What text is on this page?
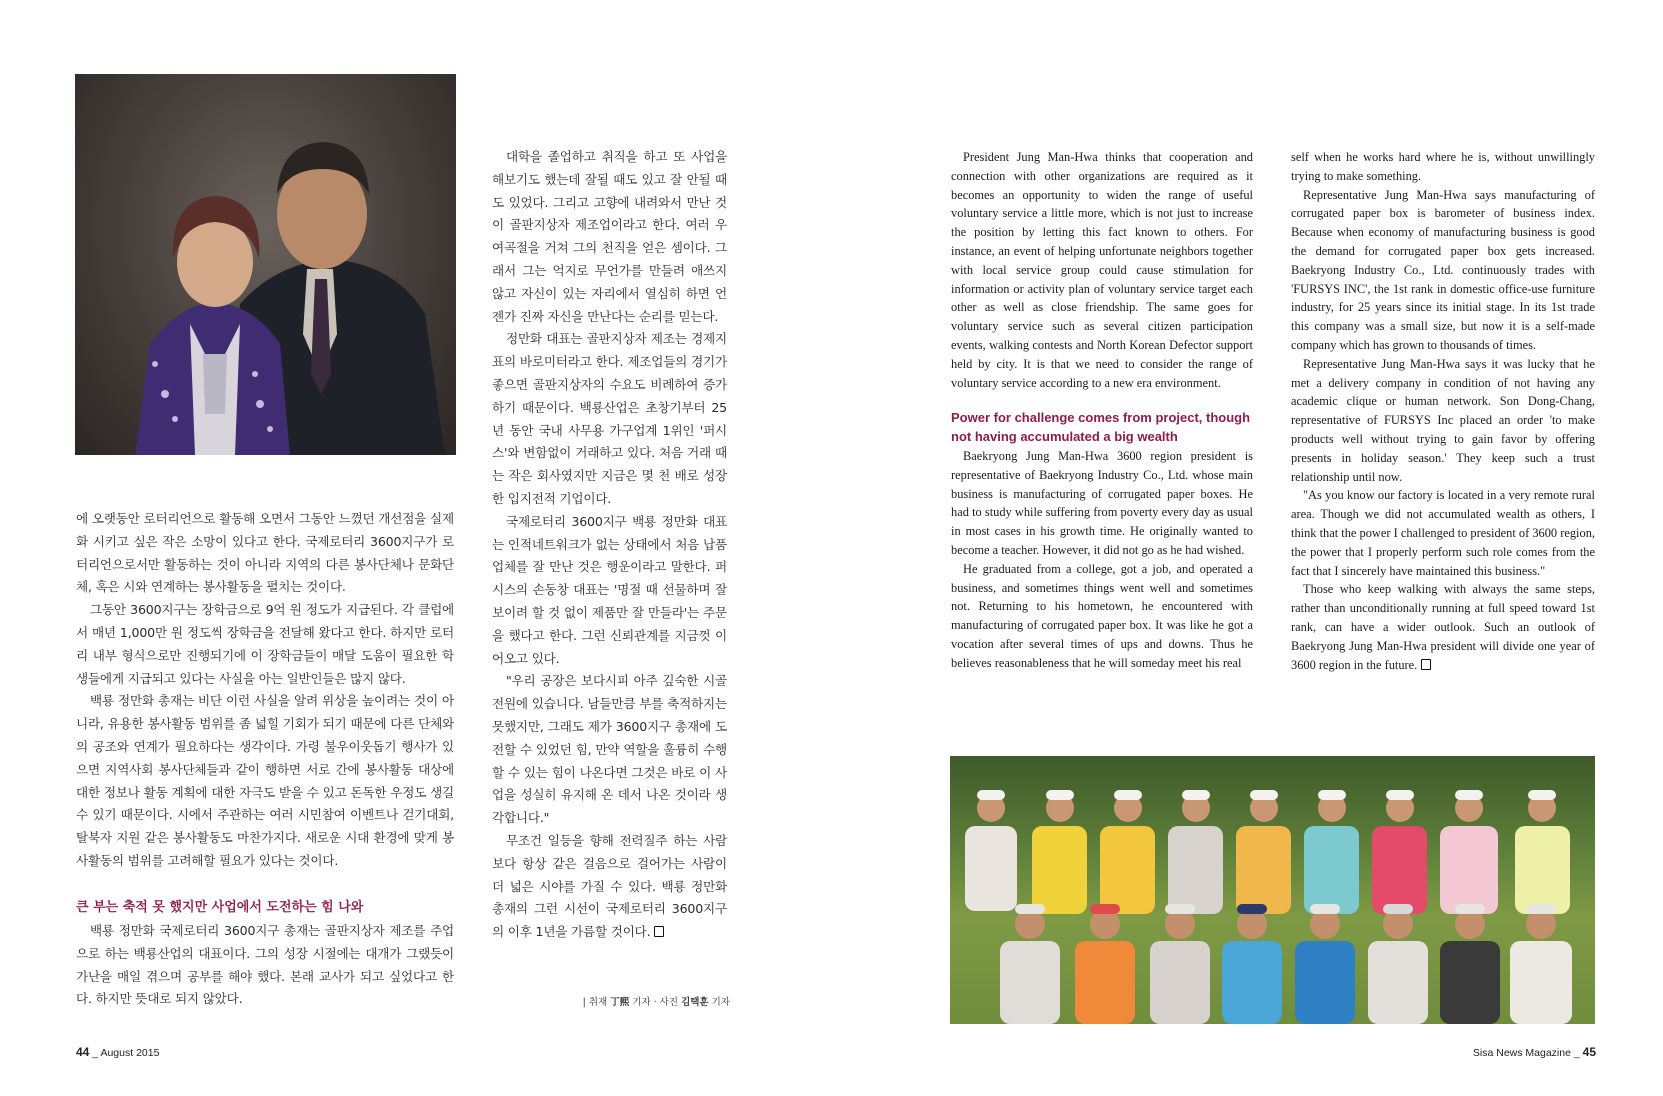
대학을 졸업하고 취직을 하고 또 사업을 해보기도 했는데 잘될 때도 있고 잘 안될 때도 있었다. 그리고 고향에 내려와서 만난 것이 골판지상자 제조업이라고 한다. 여러 우여곡절을 거쳐 그의 천직을 얻은 셈이다. 그래서 그는 억지로 무언가를 만들려 애쓰지 않고 자신이 있는 자리에서 열심히 하면 언젠가 진짜 자신을 만난다는 순리를 믿는다.

정만화 대표는 골판지상자 제조는 경제지표의 바로미터라고 한다. 제조업들의 경기가 좋으면 골판지상자의 수요도 비례하여 증가하기 때문이다. 백룡산업은 초창기부터 25년 동안 국내 사무용 가구업계 1위인 '퍼시스'와 변함없이 거래하고 있다. 처음 거래 때는 작은 회사였지만 지금은 몇 천 배로 성장한 입지전적 기업이다.

국제로터리 3600지구 백룡 정만화 대표는 인적네트워크가 없는 상태에서 처음 납품업체를 잘 만난 것은 행운이라고 말한다. 퍼시스의 손동창 대표는 '명절 때 선물하며 잘 보이려 할 것 없이 제품만 잘 만들라'는 주문을 했다고 한다. 그런 신뢰관계를 지금껏 이어오고 있다.

"우리 공장은 보다시피 아주 깊숙한 시골 전원에 있습니다. 남들만큼 부를 축적하지는 못했지만, 그래도 제가 3600지구 총재에 도전할 수 있었던 힘, 만약 역할을 훌륭히 수행할 수 있는 힘이 나온다면 그것은 바로 이 사업을 성실히 유지해 온 데서 나온 것이라 생각합니다."

무조건 일등을 향해 전력질주 하는 사람보다 항상 같은 걸음으로 걸어가는 사람이 더 넓은 시야를 가질 수 있다. 백룡 정만화 총재의 그런 시선이 국제로터리 3600지구의 이후 1년을 가름할 것이다.

에 오랫동안 로터리언으로 활동해 오면서 그동안 느꼈던 개선점을 실제화 시키고 싶은 작은 소망이 있다고 한다. 국제로터리 3600지구가 로터리언으로서만 활동하는 것이 아니라 지역의 다른 봉사단체나 문화단체, 혹은 시와 연계하는 봉사활동을 펼치는 것이다.

그동안 3600지구는 장학금으로 9억 원 정도가 지급된다. 각 클럽에서 매년 1,000만 원 정도씩 장학금을 전달해 왔다고 한다. 하지만 로터리 내부 형식으로만 진행되기에 이 장학금들이 매달 도움이 필요한 학생들에게 지급되고 있다는 사실을 아는 일반인들은 많지 않다.

백룡 정만화 총재는 비단 이런 사실을 알려 위상을 높이려는 것이 아니라, 유용한 봉사활동 범위를 좀 넓힐 기회가 되기 때문에 다른 단체와의 공조와 연계가 필요하다는 생각이다. 가령 불우이웃돕기 행사가 있으면 지역사회 봉사단체들과 같이 행하면 서로 간에 봉사활동 대상에 대한 정보나 활동 계획에 대한 자극도 받을 수 있고 돈독한 우정도 생길 수 있기 때문이다. 시에서 주관하는 여러 시민참여 이벤트나 걷기대회, 탈북자 지원 같은 봉사활동도 마찬가지다. 새로운 시대 환경에 맞게 봉사활동의 범위를 고려해할 필요가 있다는 것이다.

큰 부는 축적 못 했지만 사업에서 도전하는 힘 나와

백룡 정만화 국제로터리 3600지구 총재는 골판지상자 제조를 주업으로 하는 백룡산업의 대표이다. 그의 성장 시절에는 대개가 그랬듯이 가난을 매일 겪으며 공부를 해야 했다. 본래 교사가 되고 싶었다고 한다. 하지만 뜻대로 되지 않았다.	| 취재 丁熙 기자 · 사진 김택훈 기자
44 _ August 2015

President Jung Man-Hwa thinks that cooperation and connection with other organizations are required as it becomes an opportunity to widen the range of useful voluntary service a little more, which is not just to increase the position by letting this fact known to others. For instance, an event of helping unfortunate neighbors together with local service group could cause stimulation for information or activity plan of voluntary service target each other as well as close friendship. The same goes for voluntary service such as several citizen participation events, walking contests and North Korean Defector support held by city. It is that we need to consider the range of voluntary service according to a new era environment.

Power for challenge comes from project, though not having accumulated a big wealth

Baekryong Jung Man-Hwa 3600 region president is representative of Baekryong Industry Co., Ltd. whose main business is manufacturing of corrugated paper boxes. He had to study while suffering from poverty every day as usual in most cases in his growth time. He originally wanted to become a teacher. However, it did not go as he had wished.

He graduated from a college, got a job, and operated a business, and sometimes things went well and sometimes not. Returning to his hometown, he encountered with manufacturing of corrugated paper box. It was like he got a vocation after several times of ups and downs. Thus he believes reasonableness that he will someday meet his real

self when he works hard where he is, without unwillingly trying to make something.

Representative Jung Man-Hwa says manufacturing of corrugated paper box is barometer of business index. Because when economy of manufacturing business is good the demand for corrugated paper box gets increased. Baekryong Industry Co., Ltd. continuously trades with 'FURSYS INC', the 1st rank in domestic office-use furniture industry, for 25 years since its initial stage. In its 1st trade this company was a small size, but now it is a self-made company which has grown to thousands of times.

Representative Jung Man-Hwa says it was lucky that he met a delivery company in condition of not having any academic clique or human network. Son Dong-Chang, representative of FURSYS Inc placed an order 'to make products well without trying to gain favor by offering presents in holiday season.' They keep such a trust relationship until now.

"As you know our factory is located in a very remote rural area. Though we did not accumulated wealth as others, I think that the power I challenged to president of 3600 region, the power that I properly perform such role comes from the fact that I sincerely have maintained this business."

Those who keep walking with always the same steps, rather than unconditionally running at full speed toward 1st rank, can have a wider outlook. Such an outlook of Baekryong Jung Man-Hwa president will divide one year of 3600 region in the future.

Sisa News Magazine _ 45
